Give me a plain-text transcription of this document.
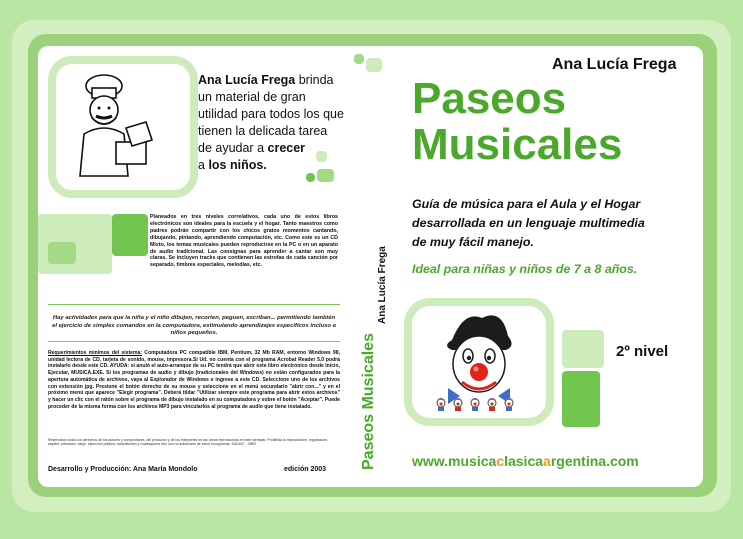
Ana Lucía Frega brinda
un material de gran
utilidad para todos los que
tienen la delicada tarea
de ayudar a crecer
a los niños.
Planeados en tres niveles correlativos, cada uno de estos libros electrónicos son ideales para la escuela y el hogar. Tanto maestros como padres podrán compartir con los chicos gratos momentos cantando, dibujando, pintando, aprendiendo computación, etc. Como este es un CD Mixto, los temas musicales pueden reproducirse en la PC o en un aparato de audio tradicional. Las consignas para aprender a cantar son muy claras. Se incluyen tracks que contienen las estrofas de cada canción por separado, timbres especiales, melodías, etc.
Hay actividades para que la niña y el niño dibujen, recorten, peguen, escriban... permitiendo también el ejercicio de simples comandos en la computadora, estimulando aprendizajes específicos incluso a niños pequeños.
Requerimientos mínimos del sistema: Computadora PC compatible IBM, Pentium, 32 Mb RAM, entorno Windows 98, unidad lectora de CD, tarjeta de sonido, mouse, impresora.Si Ud. no cuenta con el programa Acrobat Reader 5.0 podrá instalarlo desde este CD. AYUDA: si anuló el auto-arranque de su PC tendrá que abrir este libro electrónico desde Inicio, Ejecutar, MUSICA.EXE. Si los programas de audio y dibujo (tradicionales del Windows) no están configurados para la apertura automática de archivos, vaya al Explorador de Windows e ingrese a este CD. Seleccione uno de los archivos con extensión jpg. Presione el botón derecho de su mouse y seleccione en el menú secundario "abrir con..." y en el próximo menú que aparece "Elegir programa". Deberá tildar "Utilizar siempre este programa para abrir estos archivos" y hacer un clic con el ratón sobre el programa de dibujo instalado en su computadora y sobre el botón "Aceptar". Puede proceder de la misma forma con los archivos MP3 para vincularlos al programa de audio que tiene instalado.
Reservados todos los derechos de los autores y compositores, del productor y de los intérpretes de las obras reproducidas en este ejemplar. Prohibida la reproducción, regrabación, alquiler, préstamo, canje, ejecución pública, radiodifusión y cualesquiera otro uso no autorizado de estos fonogramas. SADAIC · ISBN
Desarrollo y Producción: Ana María Mondolo	edición 2003 Paseos Musicales
Ana Lucía Frega
Ana Lucía Frega
Paseos
Musicales
Guía de música para el Aula y el Hogar
desarrollada en un lenguaje multimedia
de muy fácil manejo.
Ideal para niñas y niños de 7 a 8 años.
2º nivel
www.musicaclasicaargentina.com
